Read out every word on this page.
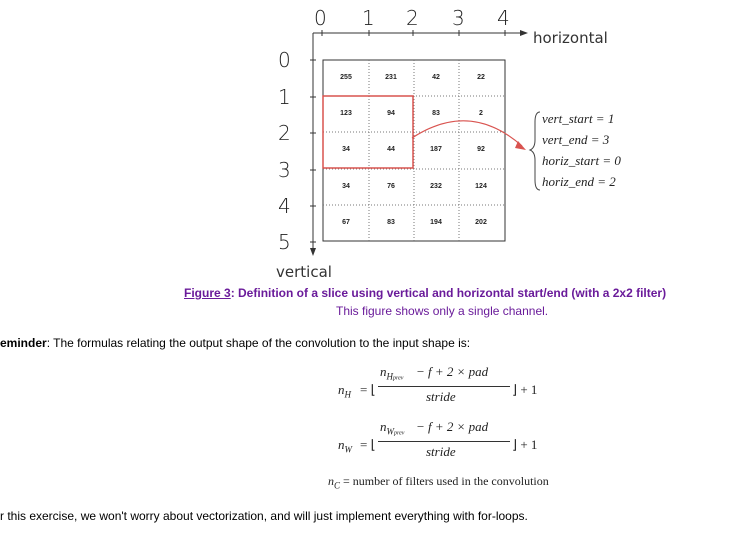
0 1 2 3 4
horizontal
0
1
2
3
4
5
vertical
255	231	42	22
123	94	83	2
34	44	187	92
34	76	232	124
67	83	194	202
vert_start = 1
vert_end = 3
horiz_start = 0
horiz_end = 2
Figure 3: Definition of a slice using vertical and horizontal start/end (with a 2x2 filter)
This figure shows only a single channel.
eminder: The formulas relating the output shape of the convolution to the input shape is:
$n_H$ = ⌊
$n_{Hprev} - f + 2$ × pad
stride	⌋ + 1
$n_W$ = ⌊
$n_{Wprev} - f + 2$ × pad
stride	⌋ + 1
$n_C$ = number of filters used in the convolution
r this exercise, we won't worry about vectorization, and will just implement everything with for-loops.
